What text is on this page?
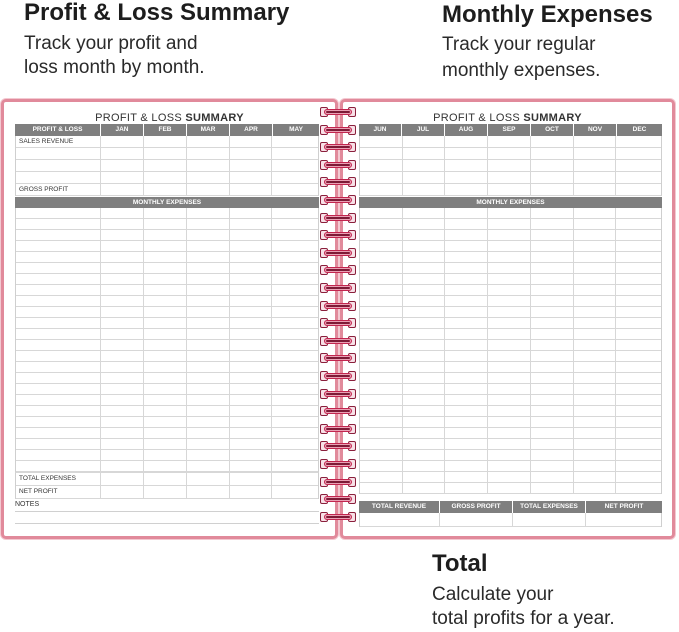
Profit & Loss Summary
Track your profit and
loss month by month.
Monthly Expenses
Track your regular
monthly expenses.
Total
Calculate your
total profits for a year.
PROFIT & LOSS SUMMARY
PROFIT & LOSS	JAN	FEB	MAR	APR	MAY
SALES REVENUE
GROSS PROFIT
MONTHLY EXPENSES
TOTAL EXPENSES
NET PROFIT
NOTES
PROFIT & LOSS SUMMARY
JUN	JUL	AUG	SEP	OCT	NOV	DEC
MONTHLY EXPENSES
TOTAL REVENUE	GROSS PROFIT	TOTAL EXPENSES	NET PROFIT
